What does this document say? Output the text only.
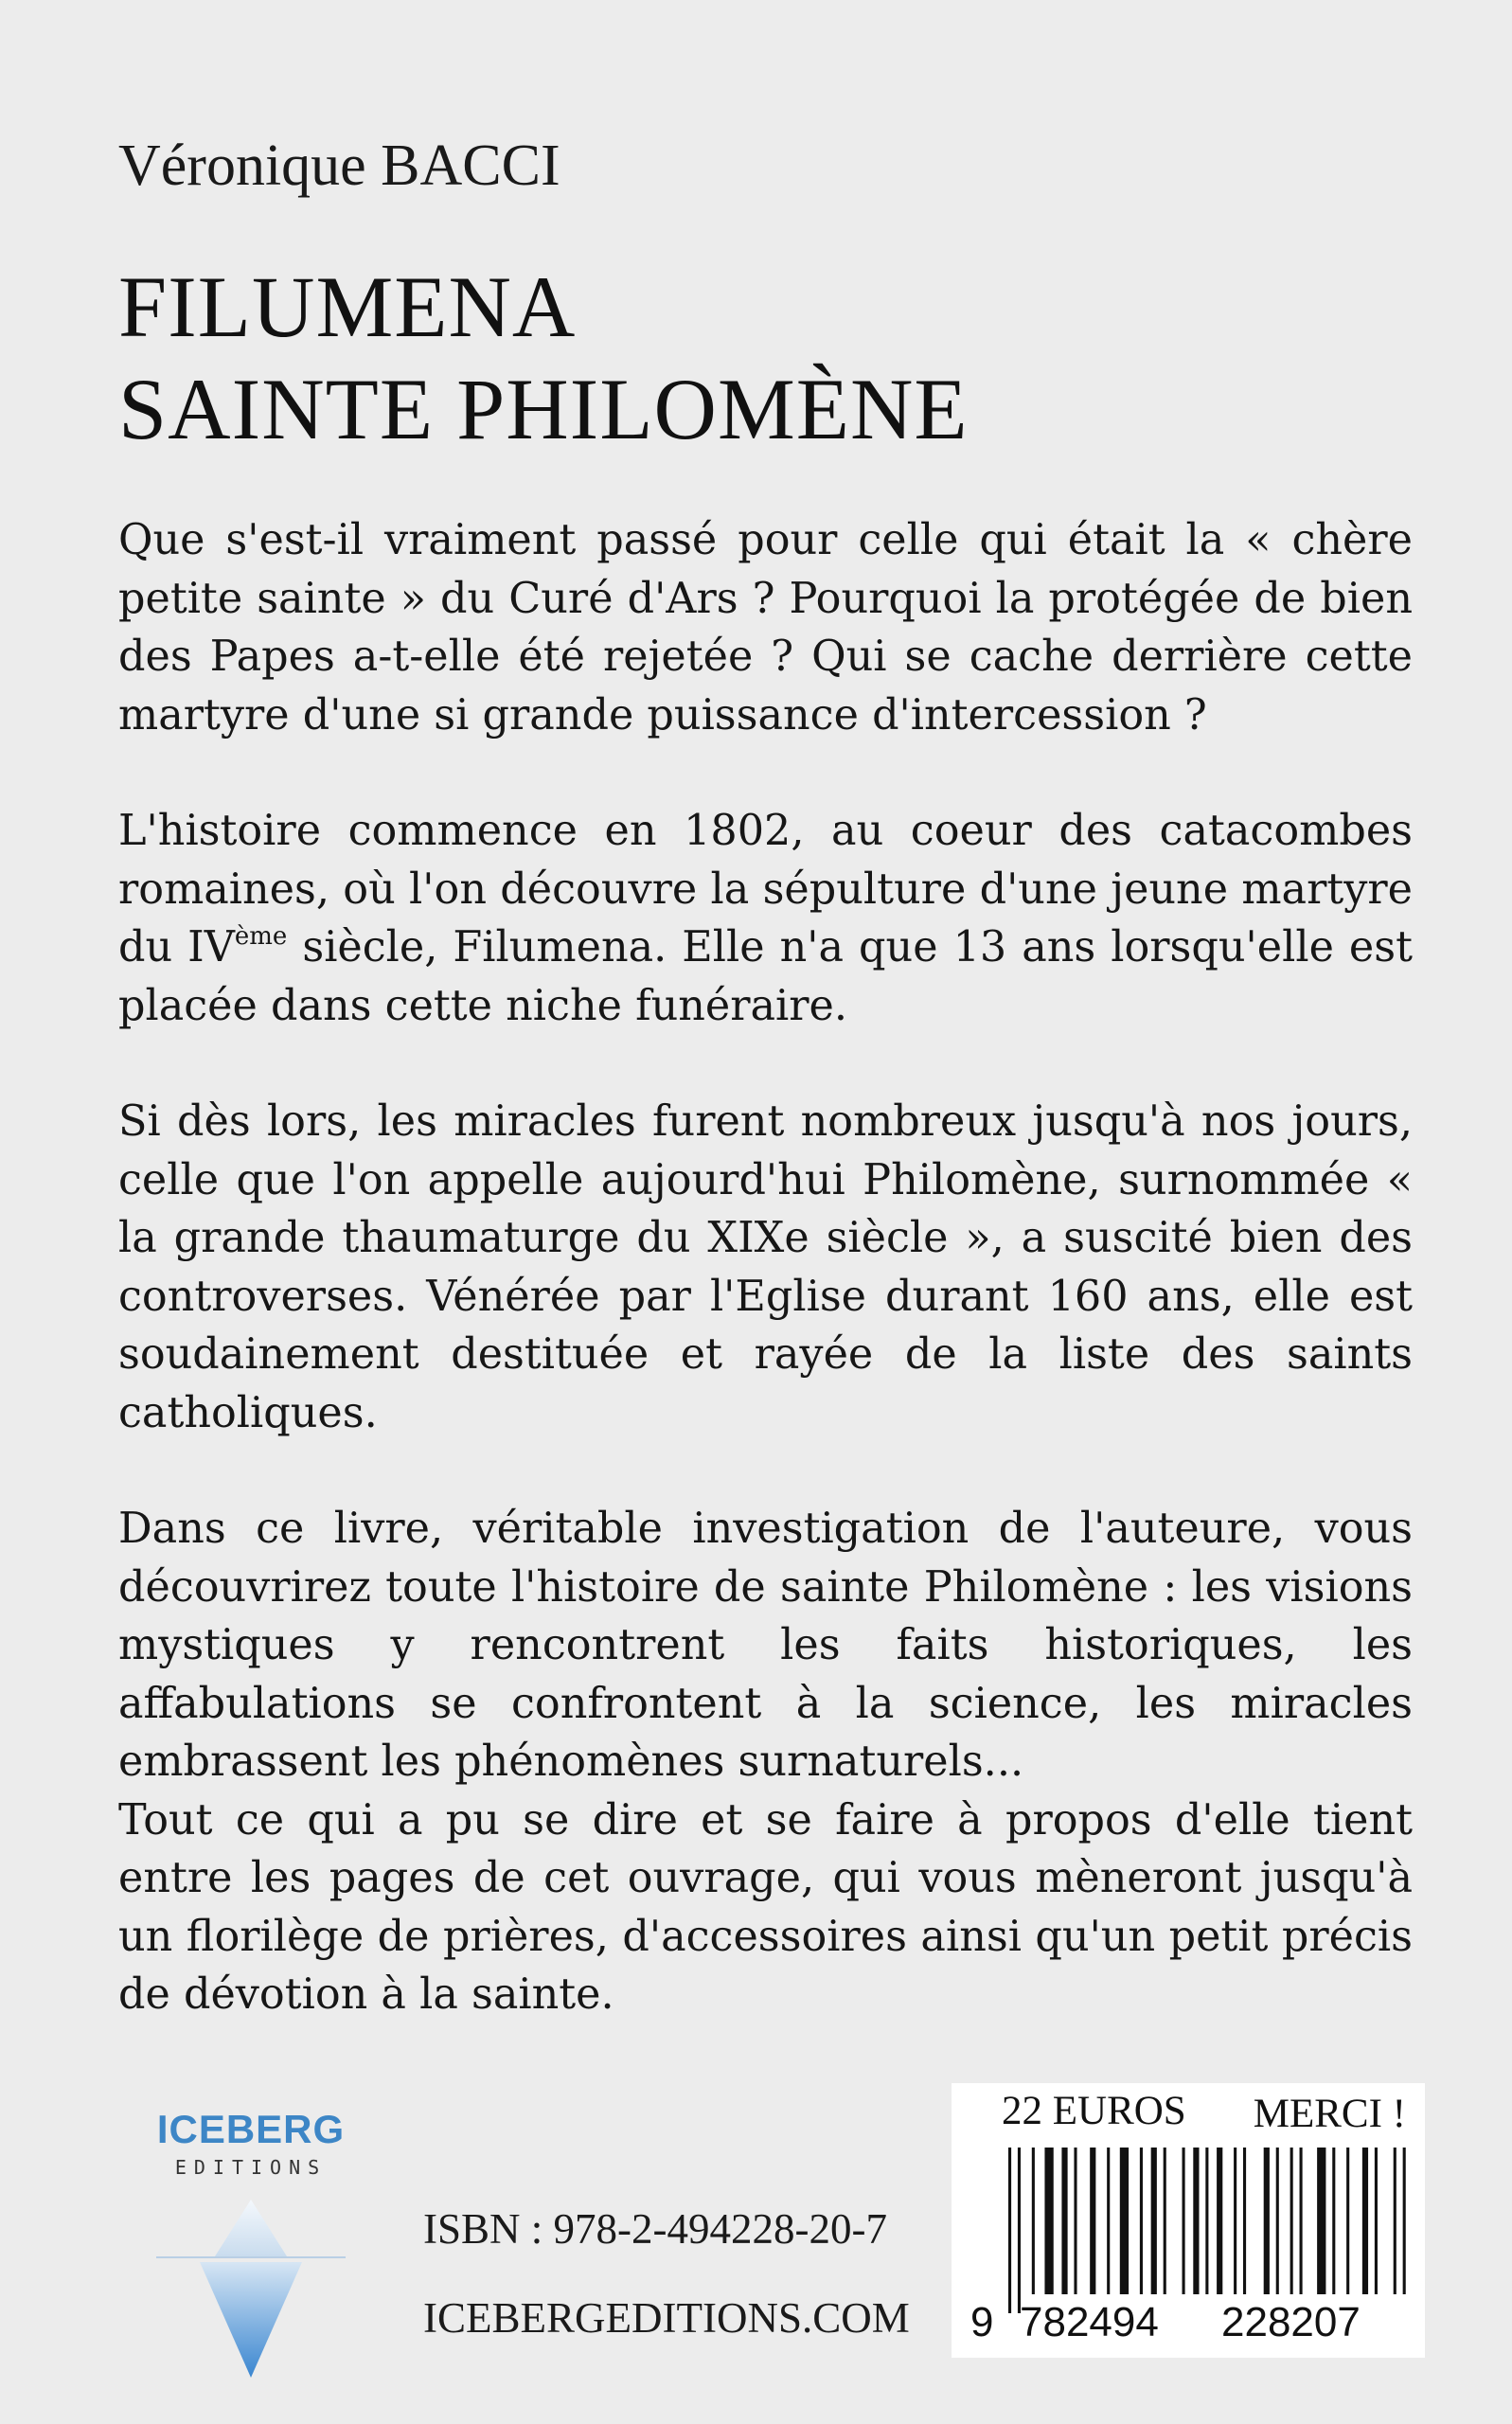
Véronique BACCI
FILUMENA
SAINTE PHILOMÈNE

Que s'est-il vraiment passé pour celle qui était la « chère petite sainte » du Curé d'Ars ? Pourquoi la protégée de bien des Papes a-t-elle été rejetée ? Qui se cache derrière cette martyre d'une si grande puissance d'intercession ?

L'histoire commence en 1802, au coeur des catacombes romaines, où l'on découvre la sépulture d'une jeune martyre du IVème siècle, Filumena. Elle n'a que 13 ans lorsqu'elle est placée dans cette niche funéraire.

Si dès lors, les miracles furent nombreux jusqu'à nos jours, celle que l'on appelle aujourd'hui Philomène, surnommée « la grande thaumaturge du XIXe siècle », a suscité bien des controverses. Vénérée par l'Eglise durant 160 ans, elle est soudainement destituée et rayée de la liste des saints catholiques.

Dans ce livre, véritable investigation de l'auteure, vous découvrirez toute l'histoire de sainte Philomène : les visions mystiques y rencontrent les faits historiques, les affabulations se confrontent à la science, les miracles embrassent les phénomènes surnaturels...

Tout ce qui a pu se dire et se faire à propos d'elle tient entre les pages de cet ouvrage, qui vous mèneront jusqu'à un florilège de prières, d'accessoires ainsi qu'un petit précis de dévotion à la sainte.

ICEBERG
EDITIONS
ISBN : 978-2-494228-20-7
ICEBERGEDITIONS.COM
22 EUROS MERCI !
9 782494 228207
